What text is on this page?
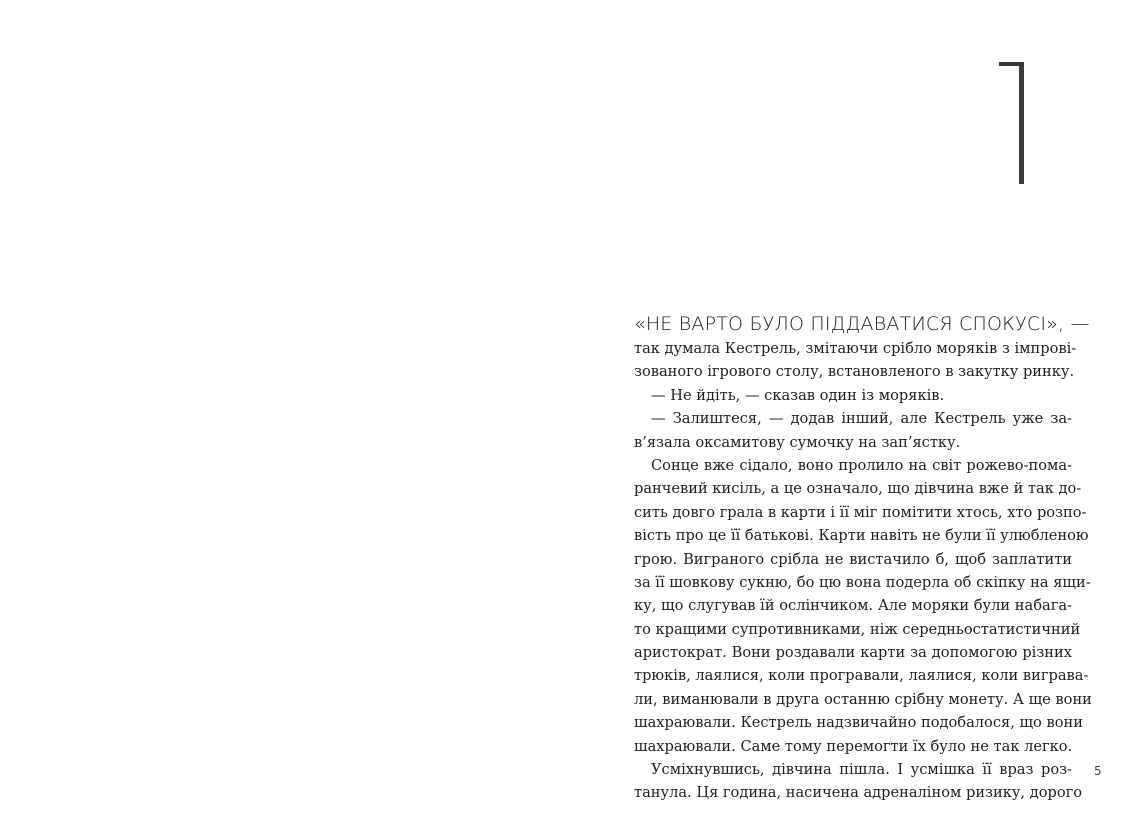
«НЕ ВАРТО БУЛО ПІДДАВАТИСЯ СПОКУСІ», —
так думала Кестрель, змітаючи срібло моряків з імпрові-
зованого ігрового столу, встановленого в закутку ринку.
— Не йдіть, — сказав один із моряків.
— Залиштеся, — додав інший, але Кестрель уже за-
в’язала оксамитову сумочку на зап’ястку.
Сонце вже сідало, воно пролило на світ рожево-пома-
ранчевий кисіль, а це означало, що дівчина вже й так до-
сить довго грала в карти і її міг помітити хтось, хто розпо-
вість про це її батькові. Карти навіть не були її улюбленою
грою. Виграного срібла не вистачило б, щоб заплатити
за її шовкову сукню, бо цю вона подерла об скіпку на ящи-
ку, що слугував їй ослінчиком. Але моряки були набага-
то кращими супротивниками, ніж середньостатистичний
аристократ. Вони роздавали карти за допомогою різних
трюків, лаялися, коли програвали, лаялися, коли виграва-
ли, виманювали в друга останню срібну монету. А ще вони
шахраювали. Кестрель надзвичайно подобалося, що вони
шахраювали. Саме тому перемогти їх було не так легко.
Усміхнувшись, дівчина пішла. І усмішка її враз роз-
танула. Ця година, насичена адреналіном ризику, дорого
5
